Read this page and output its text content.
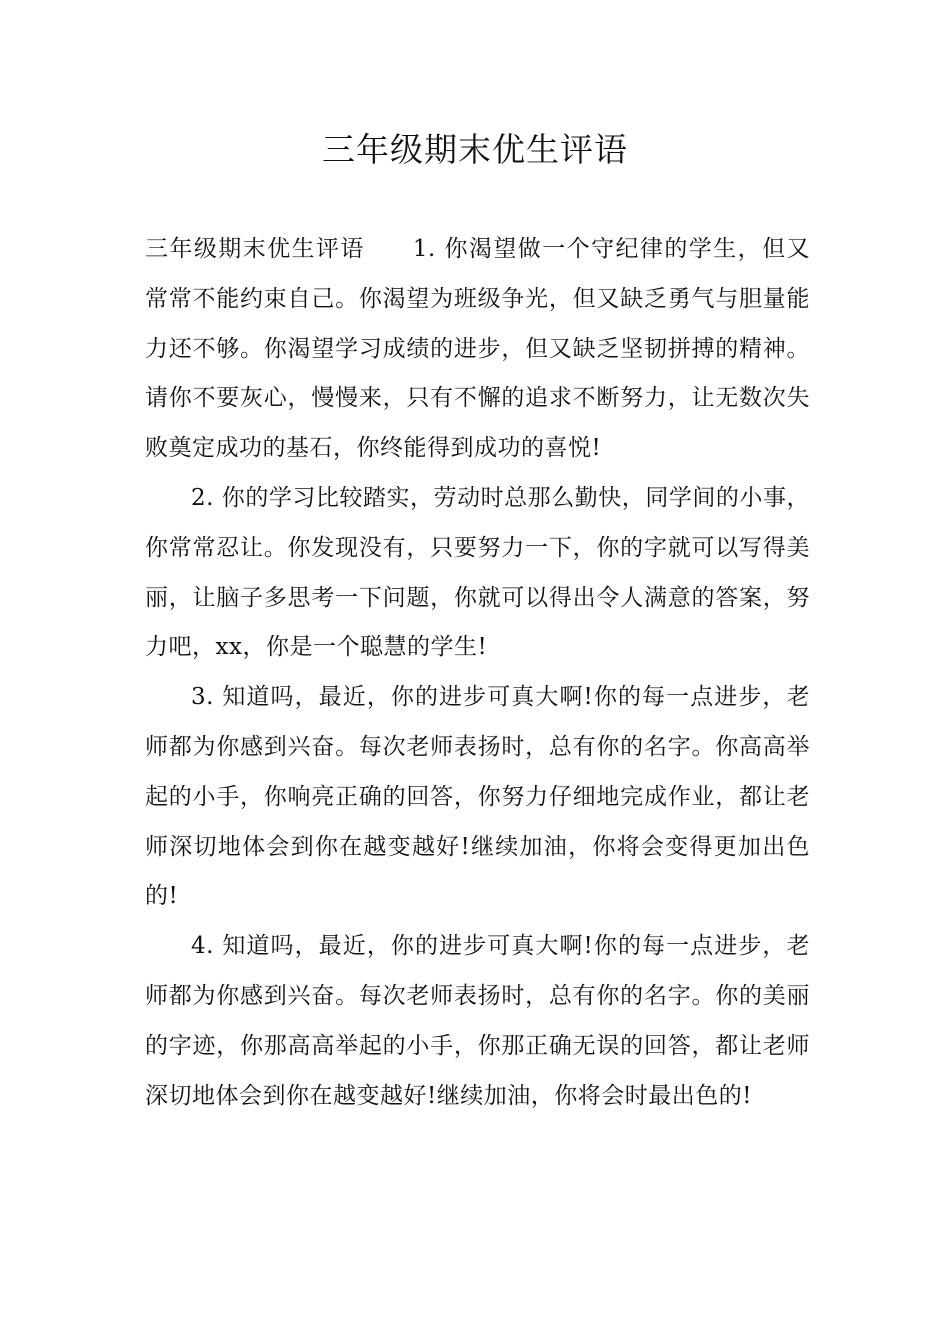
三年级期末优生评语

三年级期末优生评语 1. 你渴望做一个守纪律的学生，但又常常不能约束自己。你渴望为班级争光，但又缺乏勇气与胆量能力还不够。你渴望学习成绩的进步，但又缺乏坚韧拼搏的精神。 请你不要灰心，慢慢来，只有不懈的追求不断努力，让无数次失败奠定成功的基石，你终能得到成功的喜悦!

2. 你的学习比较踏实，劳动时总那么勤快，同学间的小事，你常常忍让。你发现没有，只要努力一下，你的字就可以写得美丽，让脑子多思考一下问题，你就可以得出令人满意的答案，努力吧，xx，你是一个聪慧的学生!

3. 知道吗，最近，你的进步可真大啊!你的每一点进步，老师都为你感到兴奋。每次老师表扬时，总有你的名字。你高高举起的小手，你响亮正确的回答，你努力仔细地完成作业，都让老师深切地体会到你在越变越好!继续加油，你将会变得更加出色的!

4. 知道吗，最近，你的进步可真大啊!你的每一点进步，老师都为你感到兴奋。每次老师表扬时，总有你的名字。你的美丽的字迹，你那高高举起的小手，你那正确无误的回答，都让老师深切地体会到你在越变越好!继续加油，你将会时最出色的!
